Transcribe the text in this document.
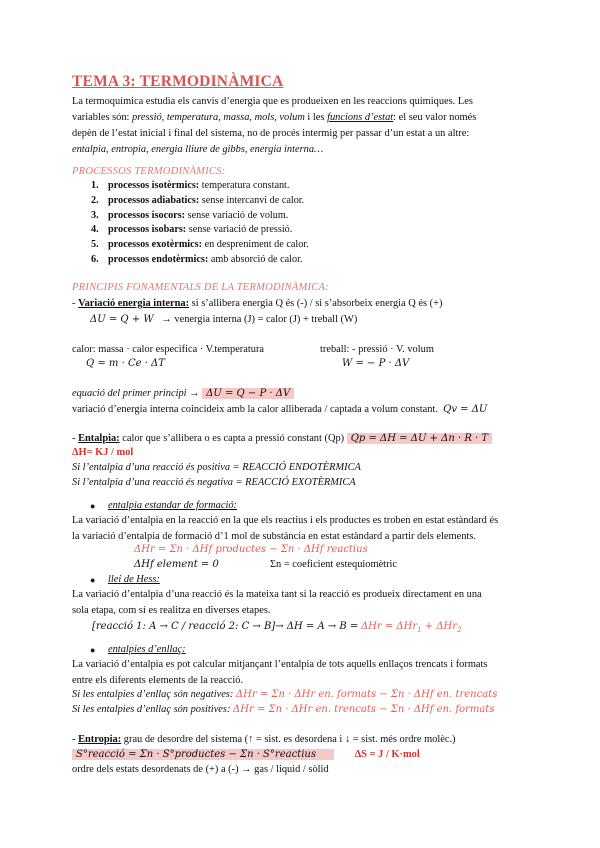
TEMA 3: TERMODINÀMICA
La termoquímica estudia els canvis d’energia que es produeixen en les reaccions químiques. Les
variables són: pressió, temperatura, massa, mols, volum i les funcions d’estat: el seu valor només
depèn de l’estat inicial i final del sistema, no de procés intermig per passar d’un estat a un altre:
entalpia, entropia, energia lliure de gibbs, energia interna…
PROCESSOS TERMODINÀMICS:
1. processos isotèrmics: temperatura constant.
2. processos adiabatics: sense intercanvi de calor.
3. processos isocors: sense variació de volum.
4. processos isobars: sense variació de pressió.
5. processos exotèrmics: en despreniment de calor.
6. processos endotèrmics: amb absorció de calor.
PRINCIPIS FONAMENTALS DE LA TERMODINÀMICA:
- Variació energia interna: si s’allibera energia Q és (-) / si s’absorbeix energia Q és (+)
ΔU = Q + W → venergia interna (J) = calor (J) + treball (W)
calor: massa · calor especifica · V.temperatura	treball: - pressió · V. volum
Q = m · Ce · ΔT	W = − P · ΔV
equació del primer principi → ΔU = Q − P · ΔV
variació d’energia interna coincideix amb la calor alliberada / captada a volum constant. Qv = ΔU
- Entalpia: calor que s’allibera o es capta a pressió constant (Qp) Qp = ΔH = ΔU + Δn · R · T
ΔH= KJ / mol
Si l’entalpia d’una reacció és positiva = REACCIÓ ENDOTÈRMICA
Si l’entalpia d’una reacció és negativa = REACCIÓ EXOTÈRMICA
● entalpia estandar de formació:
La variació d’entalpia en la reacció en la que els reactius i els productes es troben en estat estàndard és
la variació d’entalpia de formació d’1 mol de substància en estat estàndard a partir dels elements.
ΔHr = Σn · ΔHf productes − Σn · ΔHf reactius
ΔHf element = 0	Σn = coeficient estequiomètric
● llei de Hess:
La variació d’entalpia d’una reacció és la mateixa tant si la reacció es produeix directament en una
sola etapa, com si es realitza en diverses etapes.
[reacció 1: A → C / reacció 2: C → B]→ ΔH = A → B = ΔHr = ΔHr$_1$ + ΔHr$_2$
● entalpies d’enllaç:
La variació d’entalpia es pot calcular mitjançant l’entalpia de tots aquells enllaços trencats i formats
entre els diferents elements de la reacció.
Si les entalpies d’enllaç són negatives: ΔHr = Σn · ΔHr en. formats − Σn · ΔHf en. trencats
Si les entalpies d’enllaç són positives: ΔHr = Σn · ΔHr en. trencats − Σn · ΔHf en. formats
- Entropia: grau de desordre del sistema (↑ = sist. es desordena i ↓ = sist. més ordre molèc.)
S°reacció = Σn · S°productes − Σn · S°reactius	ΔS = J / K·mol
ordre dels estats desordenats de (+) a (-) → gas / liquid / sòlid
